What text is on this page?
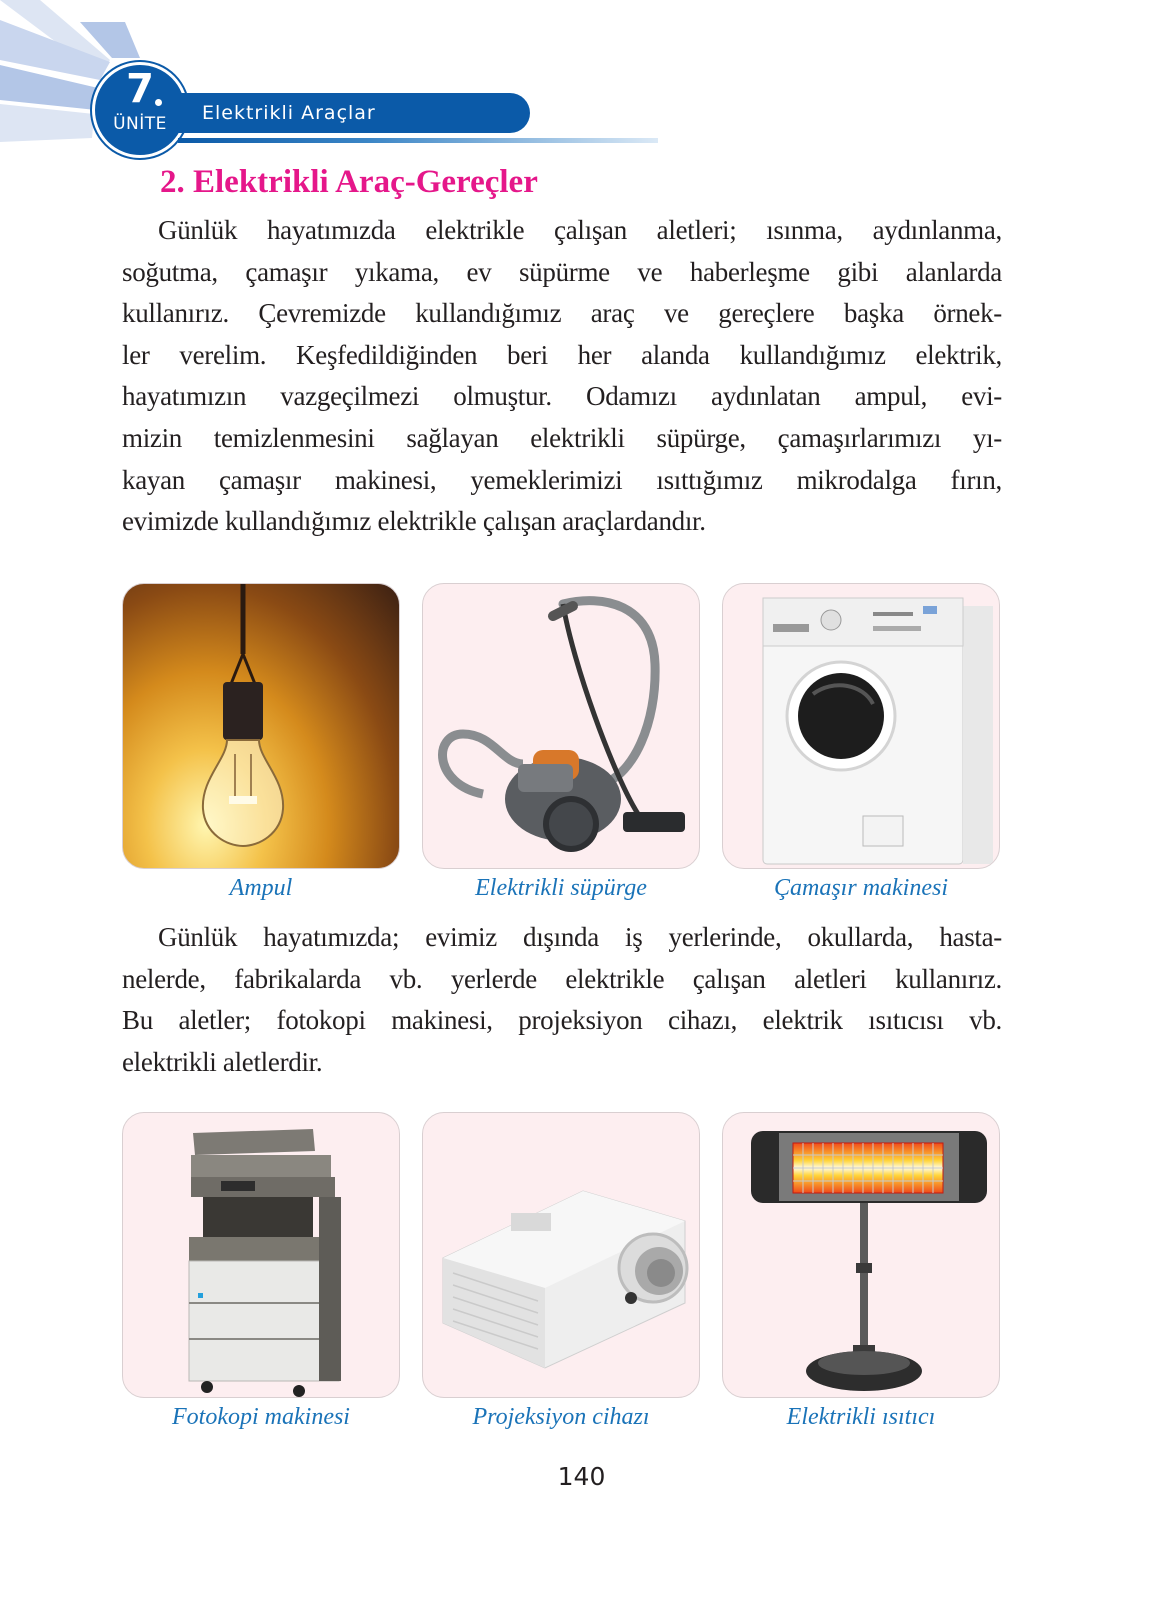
7
ÜNİTE	Elektrikli Araçlar
2. Elektrikli Araç-Gereçler
Günlük hayatımızda elektrikle çalışan aletleri; ısınma, aydınlanma,
soğutma, çamaşır yıkama, ev süpürme ve haberleşme gibi alanlarda
kullanırız. Çevremizde kullandığımız araç ve gereçlere başka örnek-
ler verelim. Keşfedildiğinden beri her alanda kullandığımız elektrik,
hayatımızın vazgeçilmezi olmuştur. Odamızı aydınlatan ampul, evi-
mizin temizlenmesini sağlayan elektrikli süpürge, çamaşırlarımızı yı-
kayan çamaşır makinesi, yemeklerimizi ısıttığımız mikrodalga fırın,
evimizde kullandığımız elektrikle çalışan araçlardandır.
Ampul	Elektrikli süpürge	Çamaşır makinesi
Günlük hayatımızda; evimiz dışında iş yerlerinde, okullarda, hasta-
nelerde, fabrikalarda vb. yerlerde elektrikle çalışan aletleri kullanırız.
Bu aletler; fotokopi makinesi, projeksiyon cihazı, elektrik ısıtıcısı vb.
elektrikli aletlerdir.
Fotokopi makinesi	Projeksiyon cihazı	Elektrikli ısıtıcı
140
